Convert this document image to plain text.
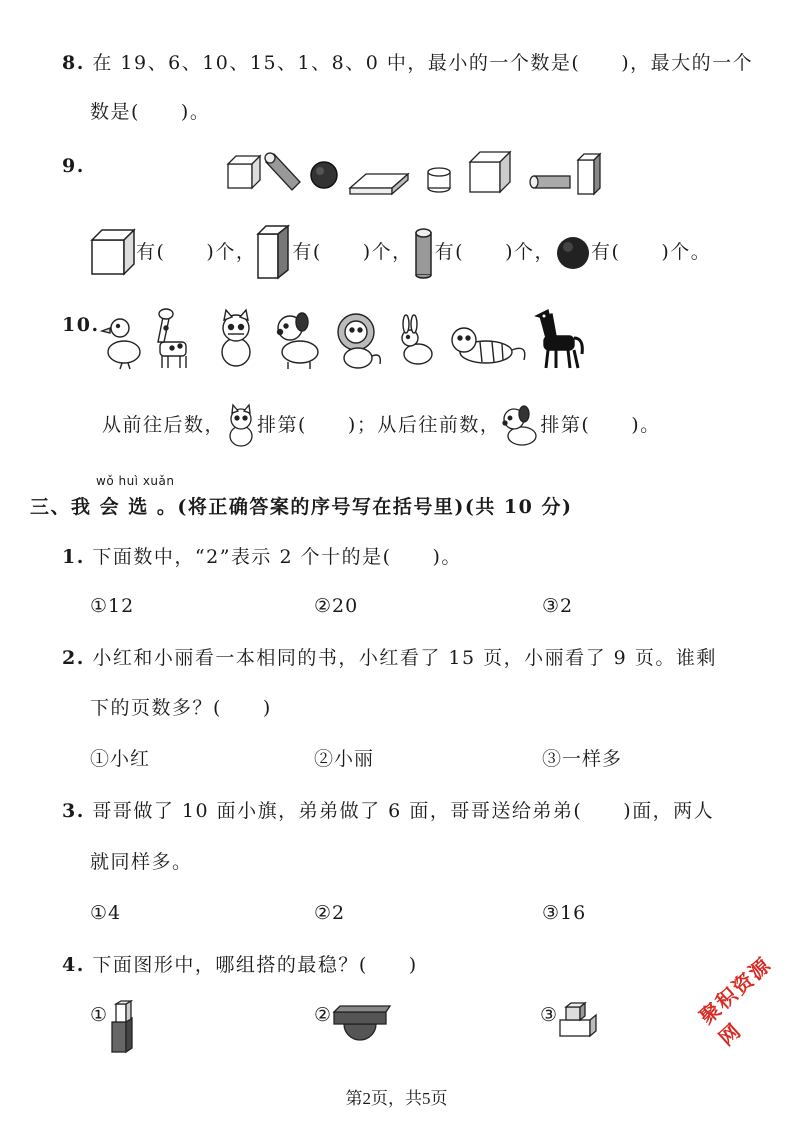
8. 在 19、6、10、15、1、8、0 中，最小的一个数是(　　)，最大的一个
数是(　　)。
9.
有(　　)个， 有(　　)个， 有(　　)个， 有(　　)个。
10.
从前往后数， 排第(　　)；从后往前数， 排第(　　)。
wǒ huì xuǎn
三、我 会 选 。(将正确答案的序号写在括号里)(共 10 分)
1. 下面数中，“2”表示 2 个十的是(　　)。
①12	②20	③2
2. 小红和小丽看一本相同的书，小红看了 15 页，小丽看了 9 页。谁剩
下的页数多？(　　)
①小红	②小丽	③一样多
3. 哥哥做了 10 面小旗，弟弟做了 6 面，哥哥送给弟弟(　　)面，两人
就同样多。
①4	②2	③16
4. 下面图形中，哪组搭的最稳？(　　)
①	②	③	聚积资源网
第2页，共5页
